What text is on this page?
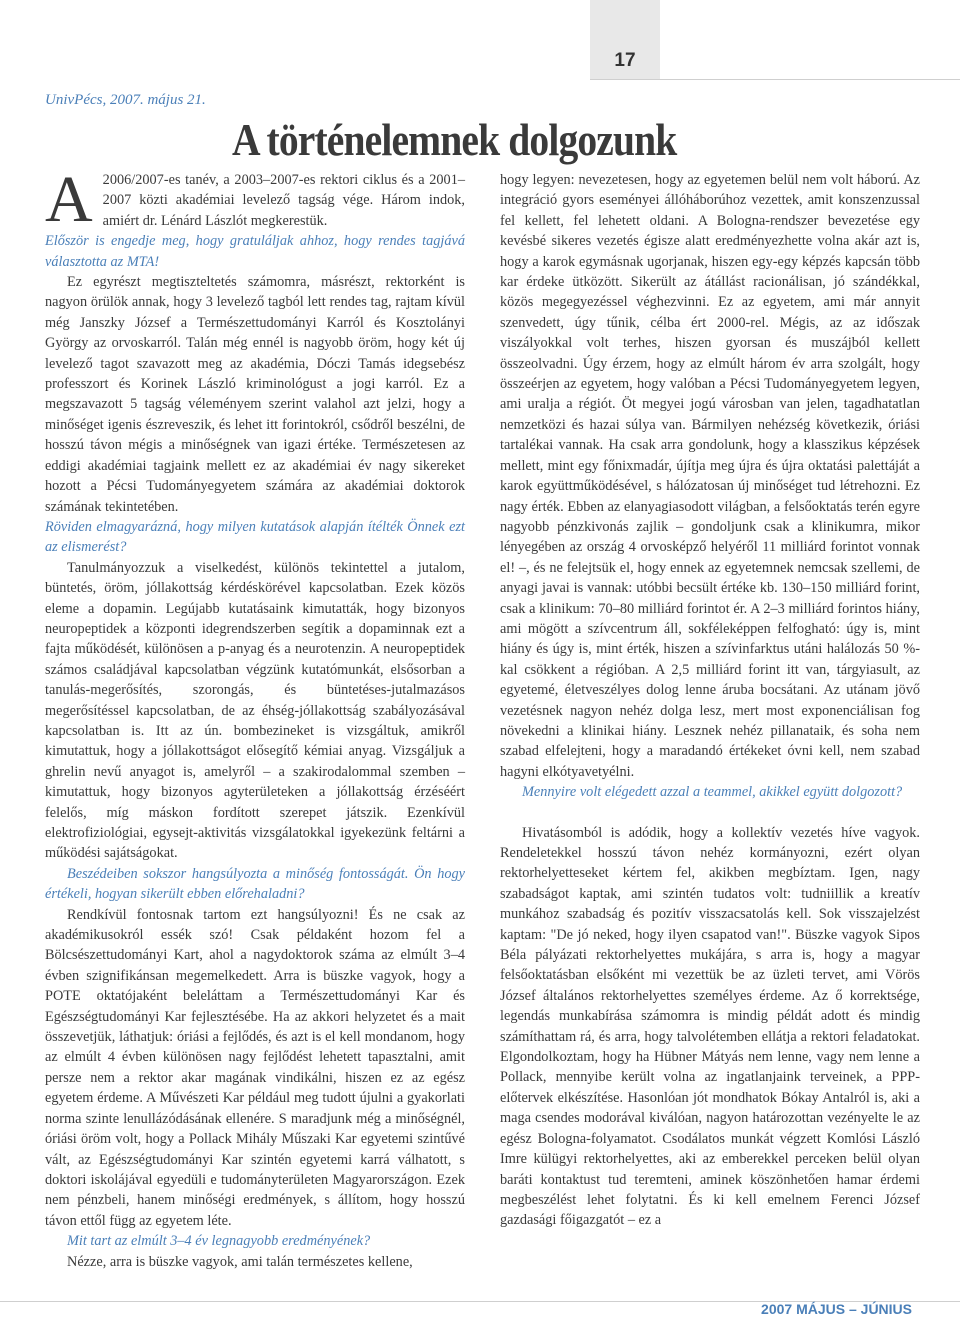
17
UnivPécs, 2007. május 21.
A történelemnek dolgozunk

A 2006/2007-es tanév, a 2003–2007-es rektori ciklus és a 2001–2007 közti akadémiai levelező tagság vége. Három indok, amiért dr. Lénárd Lászlót megkerestük.

Először is engedje meg, hogy gratuláljak ahhoz, hogy rendes tagjává választotta az MTA!

Ez egyrészt megtiszteltetés számomra, másrészt, rektorként is nagyon örülök annak, hogy 3 levelező tagból lett rendes tag, rajtam kívül még Janszky József a Természettudományi Karról és Kosztolányi György az orvoskarról. Talán még ennél is nagyobb öröm, hogy két új levelező tagot szavazott meg az akadémia, Dóczi Tamás idegsebész professzort és Korinek László kriminológust a jogi karról. Ez a megszavazott 5 tagság véleményem szerint valahol azt jelzi, hogy a minőséget igenis észreveszik, és lehet itt forintokról, csődről beszélni, de hosszú távon mégis a minőségnek van igazi értéke. Természetesen az eddigi akadémiai tagjaink mellett ez az akadémiai év nagy sikereket hozott a Pécsi Tudományegyetem számára az akadémiai doktorok számának tekintetében.

Röviden elmagyarázná, hogy milyen kutatások alapján ítélték Önnek ezt az elismerést?

Tanulmányozzuk a viselkedést, különös tekintettel a jutalom, büntetés, öröm, jóllakottság kérdéskörével kapcsolatban. Ezek közös eleme a dopamin. Legújabb kutatásaink kimutatták, hogy bizonyos neuropeptidek a központi idegrendszerben segítik a dopaminnak ezt a fajta működését, különösen a p-anyag és a neurotenzin. A neuropeptidek számos családjával kapcsolatban végzünk kutatómunkát, elsősorban a tanulás-megerősítés, szorongás, és büntetéses-jutalmazásos megerősítéssel kapcsolatban, de az éhség-jóllakottság szabályozásával kapcsolatban is. Itt az ún. bombezineket is vizsgáltuk, amikről kimutattuk, hogy a jóllakottságot elősegítő kémiai anyag. Vizsgáljuk a ghrelin nevű anyagot is, amelyről – a szakirodalommal szemben – kimutattuk, hogy bizonyos agyterületeken a jóllakottság érzéséért felelős, míg máskon fordított szerepet játszik. Ezenkívül elektrofiziológiai, egysejt-aktivitás vizsgálatokkal igyekezünk feltárni a működési sajátságokat.

Beszédeiben sokszor hangsúlyozta a minőség fontosságát. Ön hogy értékeli, hogyan sikerült ebben előrehaladni?

Rendkívül fontosnak tartom ezt hangsúlyozni! És ne csak az akadémikusokról essék szó! Csak példaként hozom fel a Bölcsészettudományi Kart, ahol a nagydoktorok száma az elmúlt 3–4 évben szignifikánsan megemelkedett. Arra is büszke vagyok, hogy a POTE oktatójaként beleláttam a Természettudományi Kar és Egészségtudományi Kar fejlesztésébe. Ha az akkori helyzetet és a mait összevetjük, láthatjuk: óriási a fejlődés, és azt is el kell mondanom, hogy az elmúlt 4 évben különösen nagy fejlődést lehetett tapasztalni, amit persze nem a rektor akar magának vindikálni, hiszen ez az egész egyetem érdeme. A Művészeti Kar például meg tudott újulni a gyakorlati norma szinte lenullázódásának ellenére. S maradjunk még a minőségnél, óriási öröm volt, hogy a Pollack Mihály Műszaki Kar egyetemi szintűvé vált, az Egészségtudományi Kar szintén egyetemi karrá válhatott, s doktori iskolájával egyedüli e tudományterületen Magyarországon. Ezek nem pénzbeli, hanem minőségi eredmények, s állítom, hogy hosszú távon ettől függ az egyetem léte.

Mit tart az elmúlt 3–4 év legnagyobb eredményének?

Nézze, arra is büszke vagyok, ami talán természetes kellene,

hogy legyen: nevezetesen, hogy az egyetemen belül nem volt háború. Az integráció gyors eseményei állóháborúhoz vezettek, amit konszenzussal fel kellett, fel lehetett oldani. A Bologna-rendszer bevezetése egy kevésbé sikeres vezetés égisze alatt eredményezhette volna akár azt is, hogy a karok egymásnak ugorjanak, hiszen egy-egy képzés kapcsán több kar érdeke ütközött. Sikerült az átállást racionálisan, jó szándékkal, közös megegyezéssel véghezvinni. Ez az egyetem, ami már annyit szenvedett, úgy tűnik, célba ért 2000-rel. Mégis, az az időszak viszályokkal volt terhes, hiszen gyorsan és muszájból kellett összeolvadni. Úgy érzem, hogy az elmúlt három év arra szolgált, hogy összeérjen az egyetem, hogy valóban a Pécsi Tudományegyetem legyen, ami uralja a régiót. Öt megyei jogú városban van jelen, tagadhatatlan nemzetközi és hazai súlya van. Bármilyen nehézség következik, óriási tartalékai vannak. Ha csak arra gondolunk, hogy a klasszikus képzések mellett, mint egy főnixmadár, újítja meg újra és újra oktatási palettáját a karok együttműködésével, s hálózatosan új minőséget tud létrehozni. Ez nagy érték. Ebben az elanyagiasodott világban, a felsőoktatás terén egyre nagyobb pénzkivonás zajlik – gondoljunk csak a klinikumra, mikor lényegében az ország 4 orvosképző helyéről 11 milliárd forintot vonnak el! –, és ne felejtsük el, hogy ennek az egyetemnek nemcsak szellemi, de anyagi javai is vannak: utóbbi becsült értéke kb. 130–150 milliárd forint, csak a klinikum: 70–80 milliárd forintot ér. A 2–3 milliárd forintos hiány, ami mögött a szívcentrum áll, sokféleképpen felfogható: úgy is, mint hiány és úgy is, mint érték, hiszen a szívinfarktus utáni halálozás 50 %-kal csökkent a régióban. A 2,5 milliárd forint itt van, tárgyiasult, az egyetemé, életveszélyes dolog lenne áruba bocsátani. Az utánam jövő vezetésnek nagyon nehéz dolga lesz, mert most exponenciálisan fog növekedni a klinikai hiány. Lesznek nehéz pillanataik, és soha nem szabad elfelejteni, hogy a maradandó értékeket óvni kell, nem szabad hagyni elkótyavetyélni.

Mennyire volt elégedett azzal a teammel, akikkel együtt dolgozott?

Hivatásomból is adódik, hogy a kollektív vezetés híve vagyok. Rendeletekkel hosszú távon nehéz kormányozni, ezért olyan rektorhelyetteseket kértem fel, akikben megbíztam. Igen, nagy szabadságot kaptak, ami szintén tudatos volt: tudniillik a kreatív munkához szabadság és pozitív visszacsatolás kell. Sok visszajelzést kaptam: "De jó neked, hogy ilyen csapatod van!". Büszke vagyok Sipos Béla pályázati rektorhelyettes mukájára, s arra is, hogy a magyar felsőoktatásban elsőként mi vezettük be az üzleti tervet, ami Vörös József általános rektorhelyettes személyes érdeme. Az ő korrektsége, legendás munkabírása számomra is mindig példát adott és mindig számíthattam rá, és arra, hogy talvolétemben ellátja a rektori feladatokat. Elgondolkoztam, hogy ha Hübner Mátyás nem lenne, vagy nem lenne a Pollack, mennyibe került volna az ingatlanjaink terveinek, a PPP-előtervek elkészítése. Hasonlóan jót mondhatok Bókay Antalról is, aki a maga csendes modorával kiválóan, nagyon határozottan vezényelte le az egész Bologna-folyamatot. Csodálatos munkát végzett Komlósi László Imre külügyi rektorhelyettes, aki az emberekkel perceken belül olyan baráti kontaktust tud teremteni, aminek köszönhetően hamar érdemi megbeszélést lehet folytatni. És ki kell emelnem Ferenci József gazdasági főigazgatót – ez a

2007 MÁJUS – JÚNIUS
